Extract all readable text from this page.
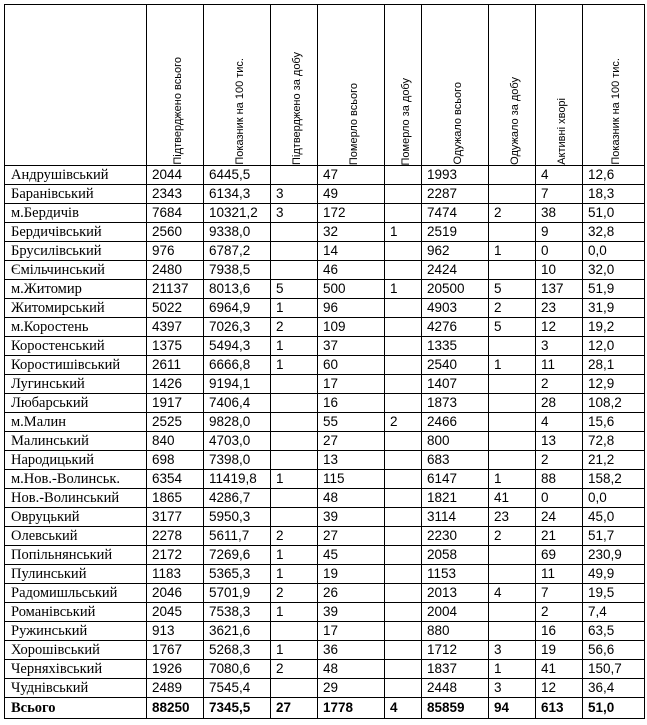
	Підтверджено всього	Показник на 100 тис.	Підтверджено за добу	Померло всього	Померло за добу	Одужало всього	Одужало за добу	Активні хворі	Показник на 100 тис.

Андрушівський	2044	6445,5		47		1993		4	12,6
Баранівський	2343	6134,3	3	49		2287		7	18,3
м.Бердичів	7684	10321,2	3	172		7474	2	38	51,0
Бердичівський	2560	9338,0		32	1	2519		9	32,8
Брусилівський	976	6787,2		14		962	1	0	0,0
Ємільчинський	2480	7938,5		46		2424		10	32,0
м.Житомир	21137	8013,6	5	500	1	20500	5	137	51,9
Житомирський	5022	6964,9	1	96		4903	2	23	31,9
м.Коростень	4397	7026,3	2	109		4276	5	12	19,2
Коростенський	1375	5494,3	1	37		1335		3	12,0
Коростишівський	2611	6666,8	1	60		2540	1	11	28,1
Лугинський	1426	9194,1		17		1407		2	12,9
Любарський	1917	7406,4		16		1873		28	108,2
м.Малин	2525	9828,0		55	2	2466		4	15,6
Малинський	840	4703,0		27		800		13	72,8
Народицький	698	7398,0		13		683		2	21,2
м.Нов.-Волинськ.	6354	11419,8	1	115		6147	1	88	158,2
Нов.-Волинський	1865	4286,7		48		1821	41	0	0,0
Овруцький	3177	5950,3		39		3114	23	24	45,0
Олевський	2278	5611,7	2	27		2230	2	21	51,7
Попільнянський	2172	7269,6	1	45		2058		69	230,9
Пулинський	1183	5365,3	1	19		1153		11	49,9
Радомишльський	2046	5701,9	2	26		2013	4	7	19,5
Романівський	2045	7538,3	1	39		2004		2	7,4
Ружинський	913	3621,6		17		880		16	63,5
Хорошівський	1767	5268,3	1	36		1712	3	19	56,6
Черняхівський	1926	7080,6	2	48		1837	1	41	150,7
Чуднівський	2489	7545,4		29		2448	3	12	36,4
Всього	88250	7345,5	27	1778	4	85859	94	613	51,0
